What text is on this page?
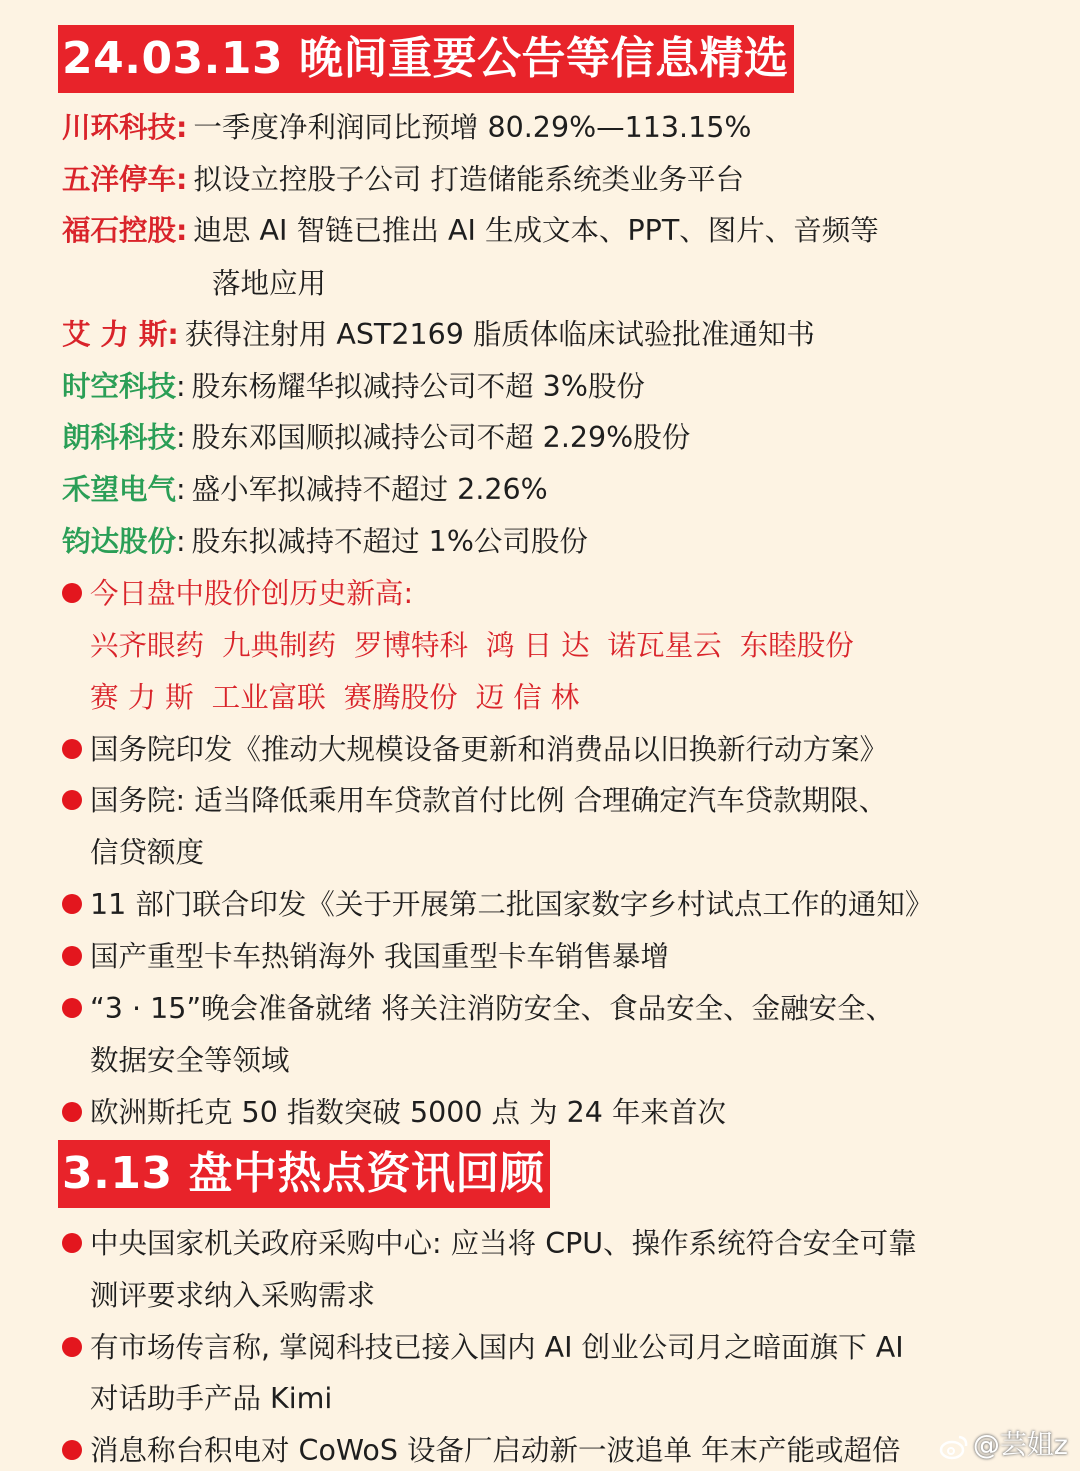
24.03.13 晚间重要公告等信息精选
川环科技: 一季度净利润同比预增 80.29%—113.15%
五洋停车: 拟设立控股子公司 打造储能系统类业务平台
福石控股: 迪思 AI 智链已推出 AI 生成文本、PPT、图片、音频等
落地应用
艾 力 斯: 获得注射用 AST2169 脂质体临床试验批准通知书
时空科技: 股东杨耀华拟减持公司不超 3%股份
朗科科技: 股东邓国顺拟减持公司不超 2.29%股份
禾望电气: 盛小军拟减持不超过 2.26%
钧达股份: 股东拟减持不超过 1%公司股份
今日盘中股价创历史新高:
兴齐眼药 九典制药 罗博特科 鸿 日 达 诺瓦星云 东睦股份
赛 力 斯 工业富联 赛腾股份 迈 信 林
国务院印发《推动大规模设备更新和消费品以旧换新行动方案》
国务院: 适当降低乘用车贷款首付比例 合理确定汽车贷款期限、
信贷额度
11 部门联合印发《关于开展第二批国家数字乡村试点工作的通知》
国产重型卡车热销海外 我国重型卡车销售暴增
“3 · 15”晚会准备就绪 将关注消防安全、食品安全、金融安全、
数据安全等领域
欧洲斯托克 50 指数突破 5000 点 为 24 年来首次
3.13 盘中热点资讯回顾
中央国家机关政府采购中心: 应当将 CPU、操作系统符合安全可靠
测评要求纳入采购需求
有市场传言称, 掌阅科技已接入国内 AI 创业公司月之暗面旗下 AI
对话助手产品 Kimi
消息称台积电对 CoWoS 设备厂启动新一波追单 年末产能或超倍	@芸姐z
